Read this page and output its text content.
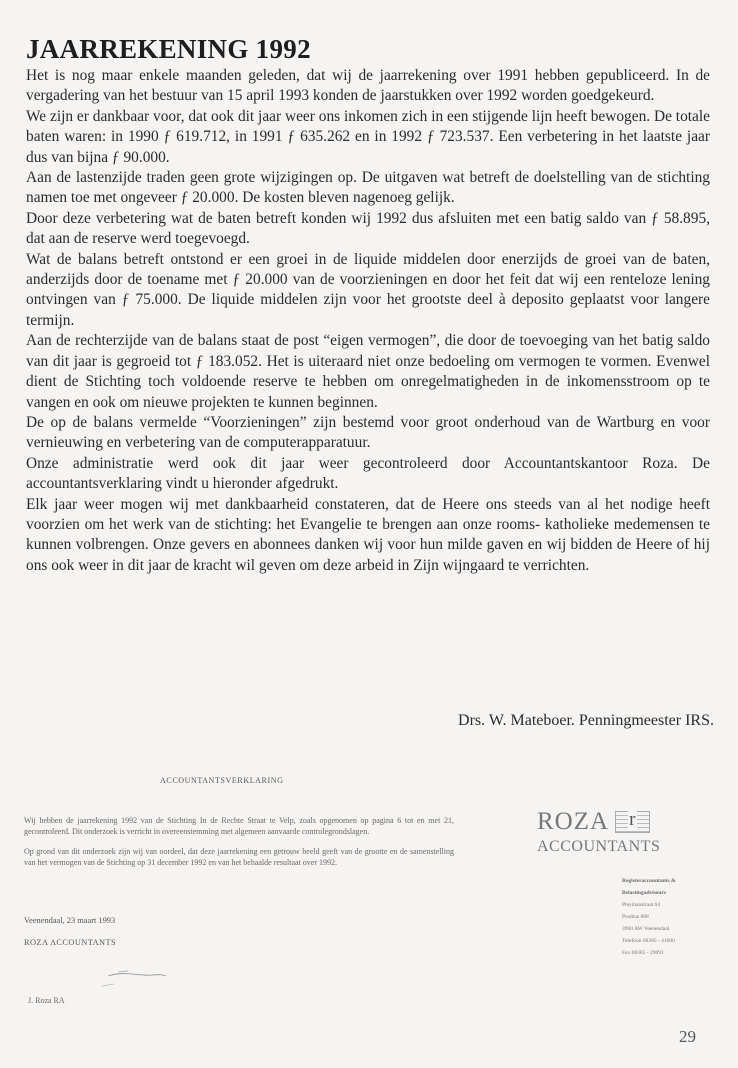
JAARREKENING 1992

Het is nog maar enkele maanden geleden, dat wij de jaarrekening over 1991 hebben gepubliceerd. In de vergadering van het bestuur van 15 april 1993 konden de jaarstukken over 1992 worden goedgekeurd.

We zijn er dankbaar voor, dat ook dit jaar weer ons inkomen zich in een stijgende lijn heeft bewogen. De totale baten waren: in 1990 ƒ 619.712, in 1991 ƒ 635.262 en in 1992 ƒ 723.537. Een verbetering in het laatste jaar dus van bijna ƒ 90.000.

Aan de lastenzijde traden geen grote wijzigingen op. De uitgaven wat betreft de doelstelling van de stichting namen toe met ongeveer ƒ 20.000. De kosten bleven nagenoeg gelijk.

Door deze verbetering wat de baten betreft konden wij 1992 dus afsluiten met een batig saldo van ƒ 58.895, dat aan de reserve werd toegevoegd.

Wat de balans betreft ontstond er een groei in de liquide middelen door enerzijds de groei van de baten, anderzijds door de toename met ƒ 20.000 van de voorzieningen en door het feit dat wij een renteloze lening ontvingen van ƒ 75.000. De liquide middelen zijn voor het grootste deel à deposito geplaatst voor langere termijn.

Aan de rechterzijde van de balans staat de post “eigen vermogen”, die door de toevoeging van het batig saldo van dit jaar is gegroeid tot ƒ 183.052. Het is uiteraard niet onze bedoeling om vermogen te vormen. Evenwel dient de Stichting toch voldoende reserve te hebben om onregelmatigheden in de inkomensstroom op te vangen en ook om nieuwe projekten te kunnen beginnen.

De op de balans vermelde “Voorzieningen” zijn bestemd voor groot onderhoud van de Wartburg en voor vernieuwing en verbetering van de computerapparatuur.

Onze administratie werd ook dit jaar weer gecontroleerd door Accountantskantoor Roza. De accountantsverklaring vindt u hieronder afgedrukt.

Elk jaar weer mogen wij met dankbaarheid constateren, dat de Heere ons steeds van al het nodige heeft voorzien om het werk van de stichting: het Evangelie te brengen aan onze rooms- katholieke medemensen te kunnen volbrengen. Onze gevers en abonnees danken wij voor hun milde gaven en wij bidden de Heere of hij ons ook weer in dit jaar de kracht wil geven om deze arbeid in Zijn wijngaard te verrichten.

Drs. W. Mateboer. Penningmeester IRS.
ACCOUNTANTSVERKLARING

Wij hebben de jaarrekening 1992 van de Stichting In de Rechte Straat te Velp, zoals opgenomen op pagina 6 tot en met 21, gecontroleerd. Dit onderzoek is verricht in overeenstemming met algemeen aanvaarde controlegrondslagen.

Op grond van dit onderzoek zijn wij van oordeel, dat deze jaarrekening een getrouw beeld geeft van de grootte en de samenstelling van het vermogen van de Stichting op 31 december 1992 en van het behaalde resultaat over 1992.

Veenendaal, 23 maart 1993
ROZA ACCOUNTANTS
J. Roza RA
ROZA r
ACCOUNTANTS
Registeraccountants &
Belastingadviseurs
Pleymanstraat 64
Postbus 888
3900 AW Veenendaal
Telefoon 08385 - 41600
Fax 08385 - 29091
29
